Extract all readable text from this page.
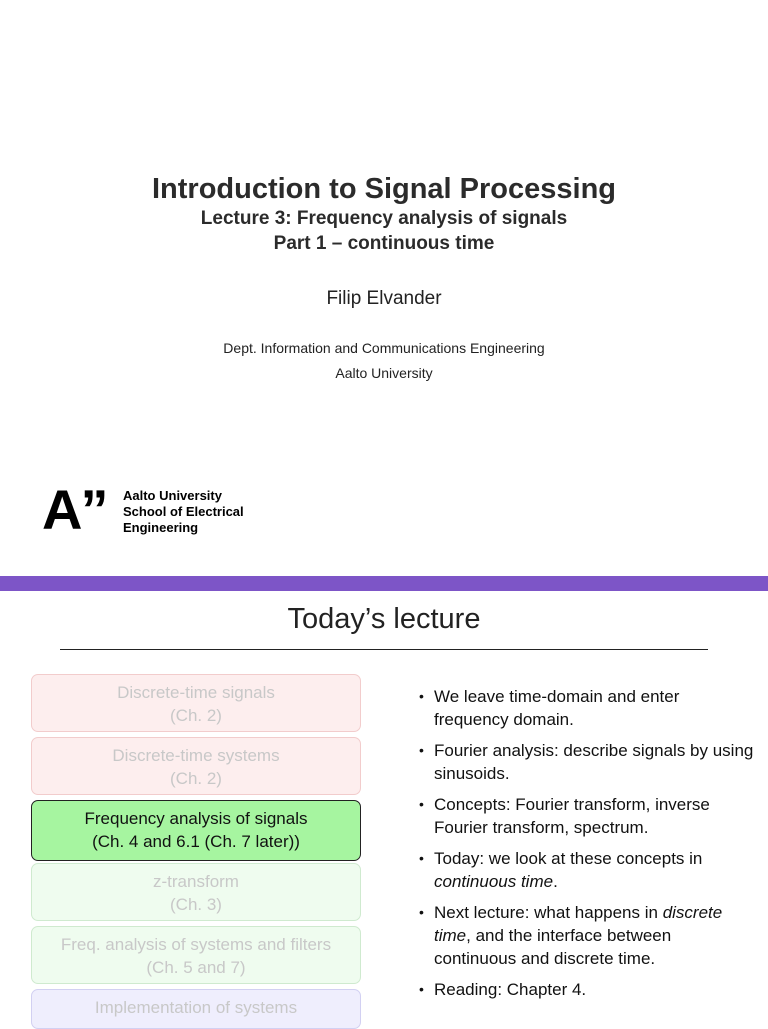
Introduction to Signal Processing
Lecture 3: Frequency analysis of signals
Part 1 – continuous time
Filip Elvander
Dept. Information and Communications Engineering
Aalto University
A” Aalto University
School of Electrical
Engineering
Today’s lecture
Discrete-time signals
(Ch. 2)
Discrete-time systems
(Ch. 2)
Frequency analysis of signals
(Ch. 4 and 6.1 (Ch. 7 later))
z-transform
(Ch. 3)
Freq. analysis of systems and filters
(Ch. 5 and 7)
Implementation of systems
• We leave time-domain and enter frequency domain.
• Fourier analysis: describe signals by using sinusoids.
• Concepts: Fourier transform, inverse Fourier transform, spectrum.
• Today: we look at these concepts in continuous time.
• Next lecture: what happens in discrete time, and the interface between continuous and discrete time.
• Reading: Chapter 4.
